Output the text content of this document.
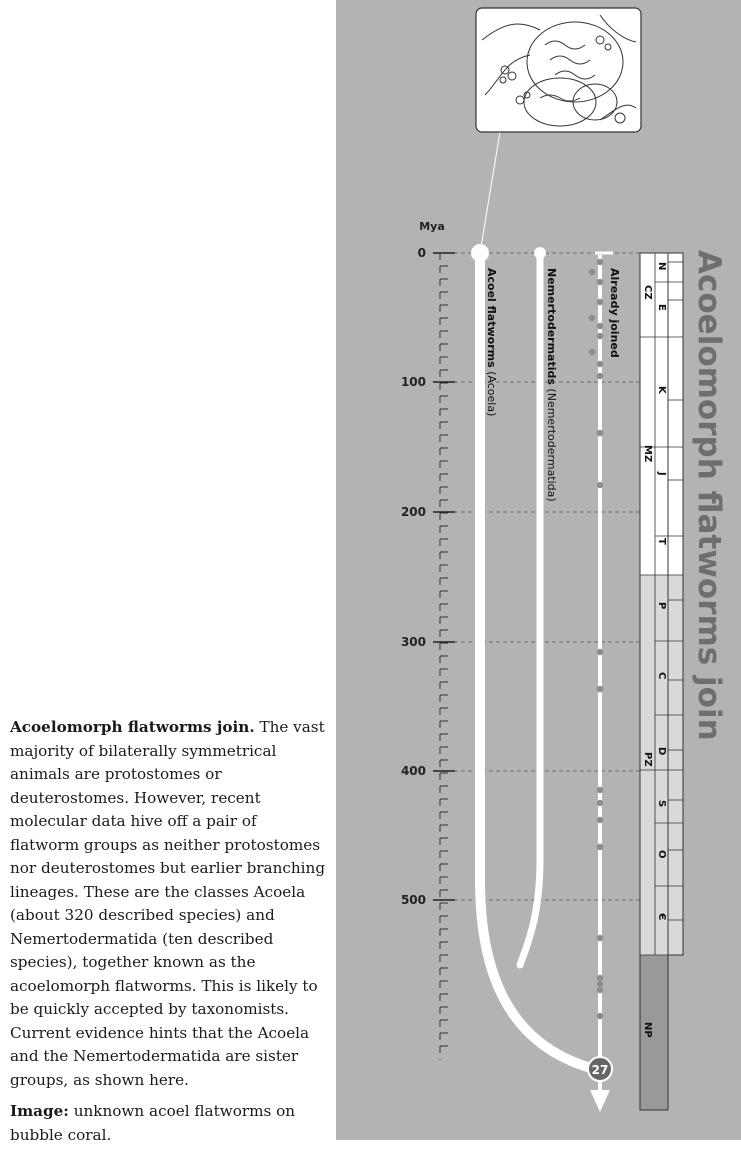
Acoelomorph flatworms join. The vast majority of bilaterally symmetrical animals are protostomes or deuterostomes. However, recent molecular data hive off a pair of flatworm groups as neither protostomes nor deuterostomes but earlier branching lineages. These are the classes Acoela (about 320 described species) and Nemertodermatida (ten described species), together known as the acoelomorph flatworms. This is likely to be quickly accepted by taxonomists. Current evidence hints that the Acoela and the Nemertodermatida are sister groups, as shown here.

Image: unknown acoel flatworms on bubble coral.

Mya
0
100
200
300
400
500
27
Acoel flatworms (Acoela)
Nemertodermatids (Nemertodermatida)
Already joined CZ
MZ
PZ
NP
N
E
K
J
T
P
C
D
S
O
Є
Acoelomorph flatworms join
